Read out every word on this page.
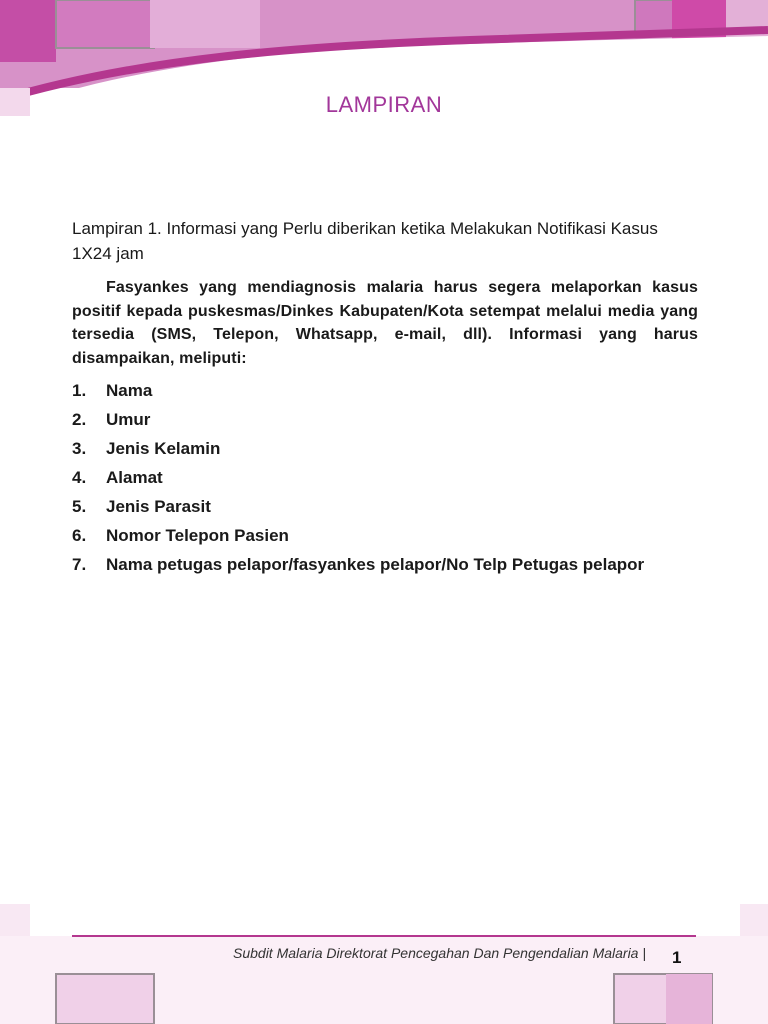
LAMPIRAN

Lampiran 1. Informasi yang Perlu diberikan ketika Melakukan Notifikasi Kasus 1X24 jam

Fasyankes yang mendiagnosis malaria harus segera melaporkan kasus positif kepada puskesmas/Dinkes Kabupaten/Kota setempat melalui media yang tersedia (SMS, Telepon, Whatsapp, e-mail, dll). Informasi yang harus disampaikan, meliputi:

1.	Nama
2.	Umur
3.	Jenis Kelamin
4.	Alamat
5.	Jenis Parasit
6.	Nomor Telepon Pasien
7.	Nama petugas pelapor/fasyankes pelapor/No Telp Petugas pelapor
Subdit Malaria Direktorat Pencegahan Dan Pengendalian Malaria | 1
